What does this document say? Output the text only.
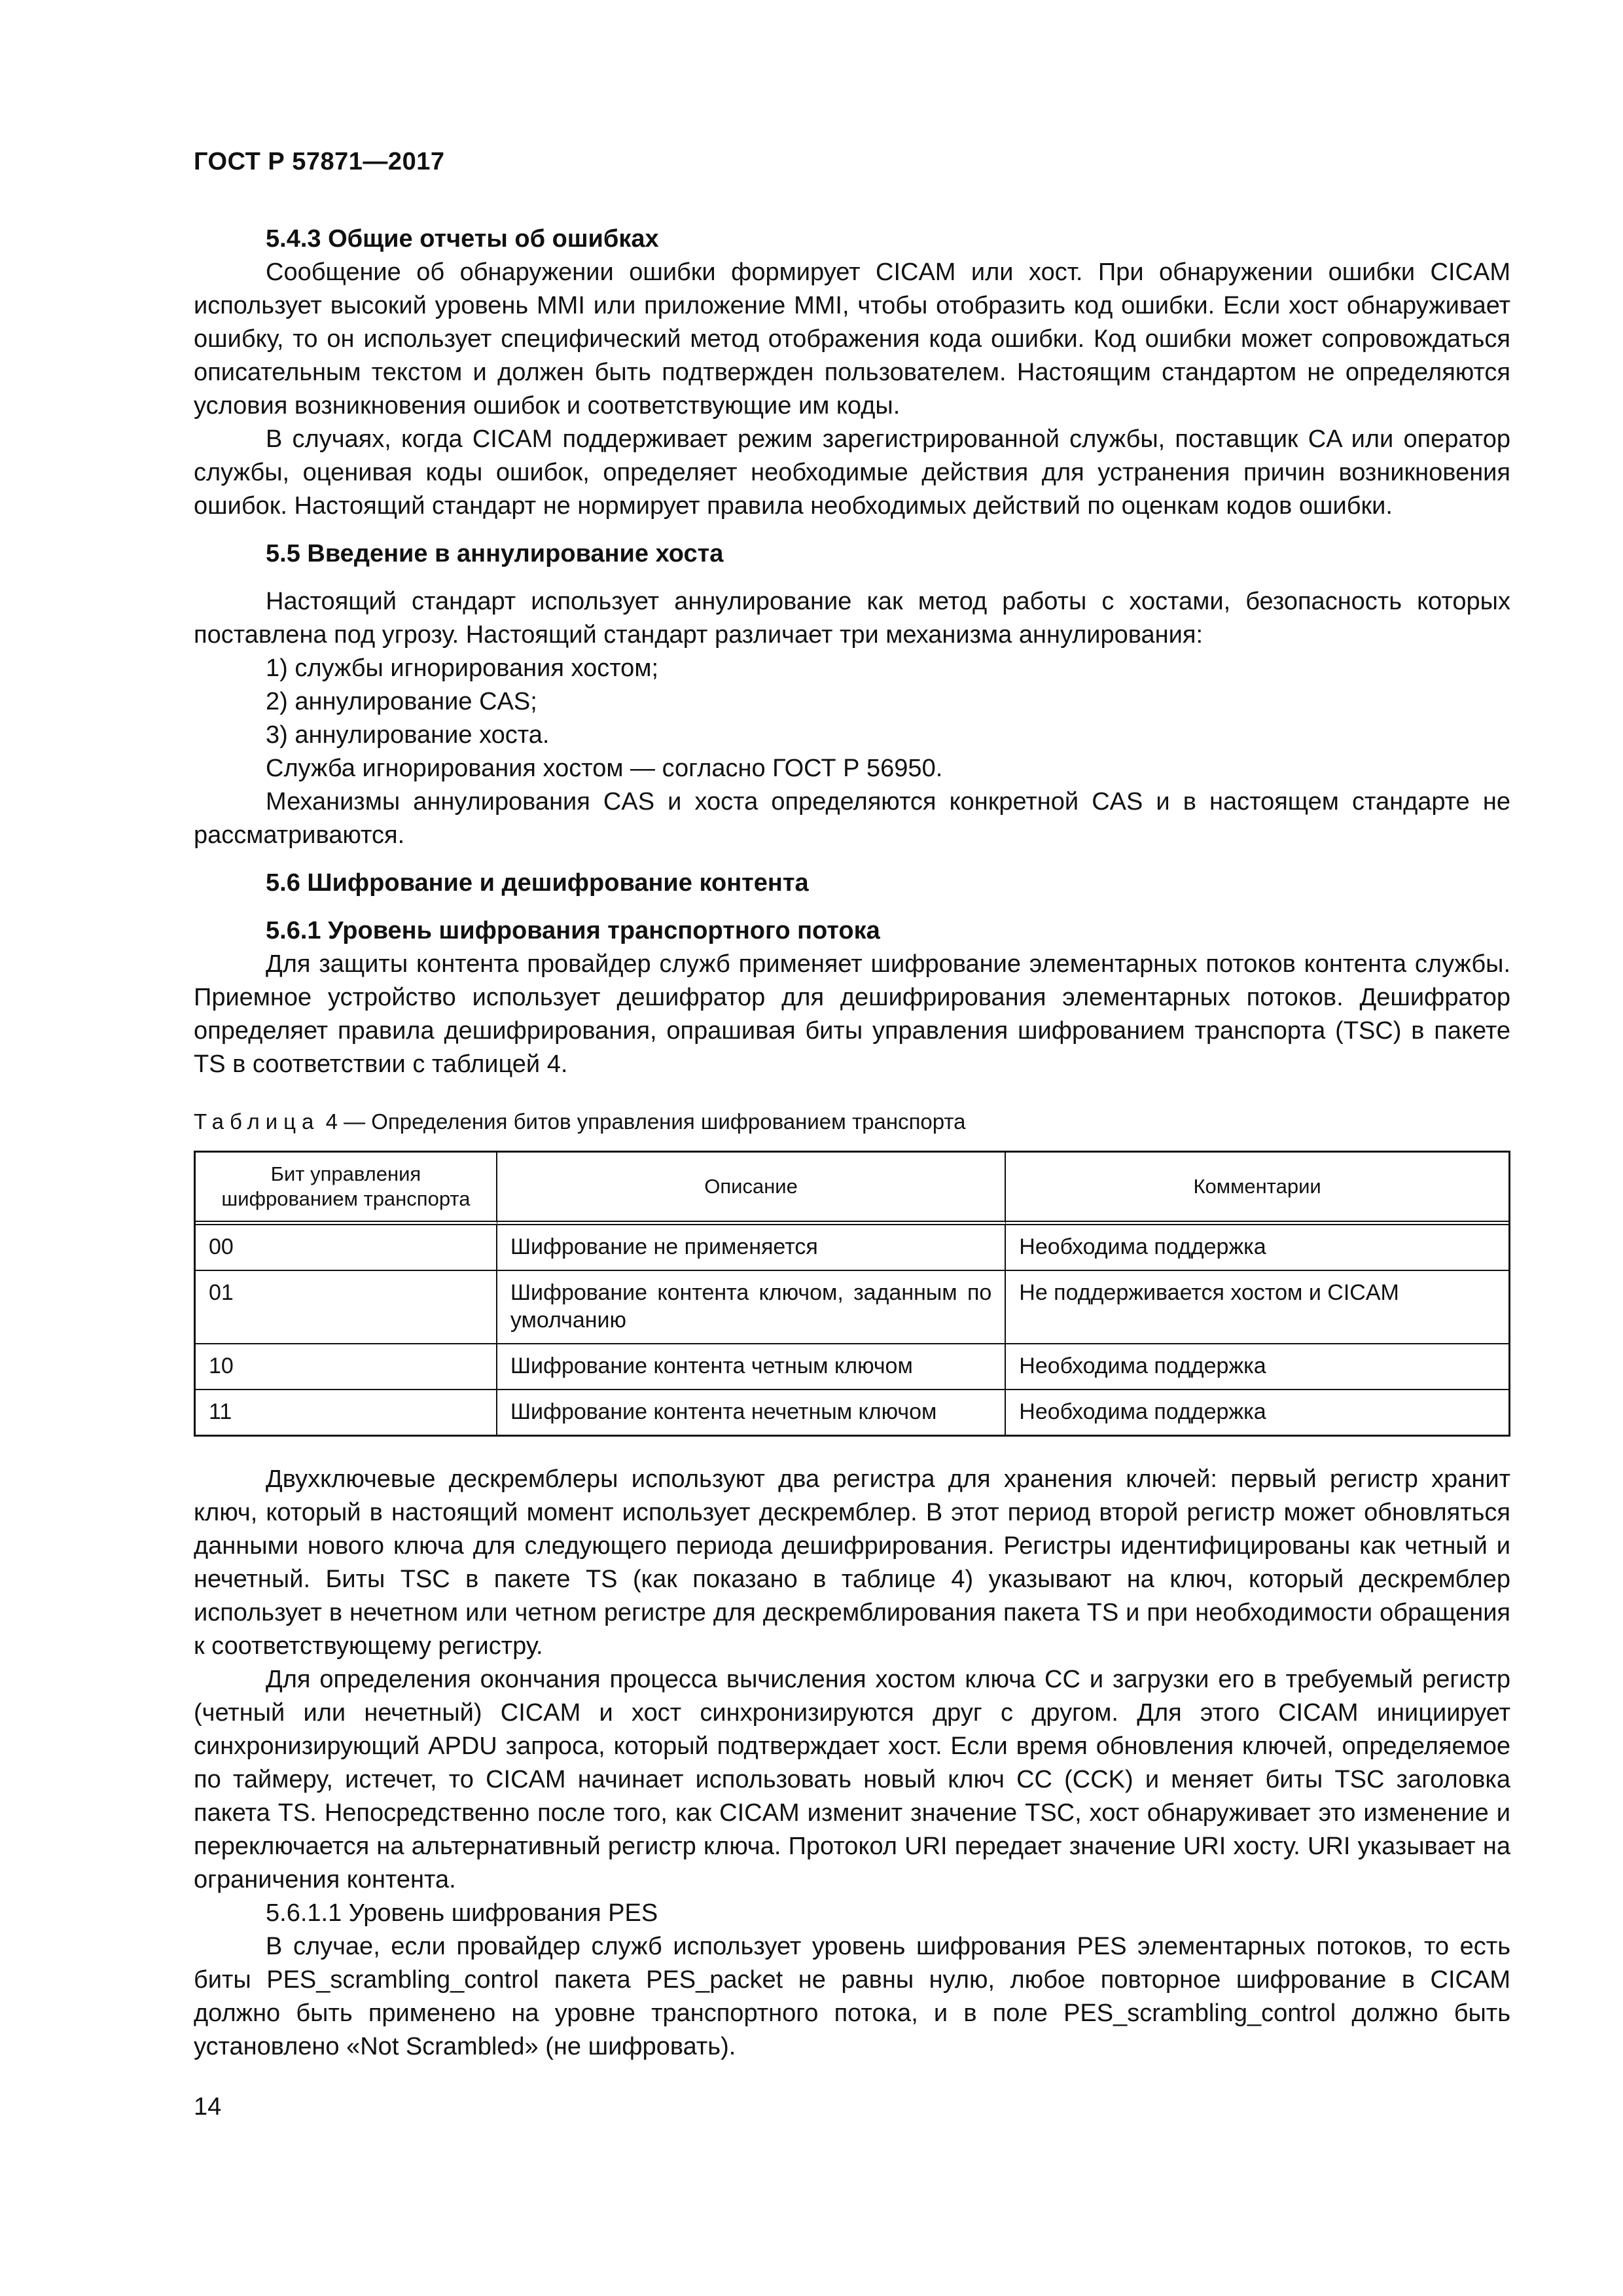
ГОСТ Р 57871—2017
5.4.3 Общие отчеты об ошибках

Сообщение об обнаружении ошибки формирует CICAM или хост. При обнаружении ошибки CICAM использует высокий уровень MMI или приложение MMI, чтобы отобразить код ошибки. Если хост обнаруживает ошибку, то он использует специфический метод отображения кода ошибки. Код ошибки может сопровождаться описательным текстом и должен быть подтвержден пользователем. Настоящим стандартом не определяются условия возникновения ошибок и соответствующие им коды.

В случаях, когда CICAM поддерживает режим зарегистрированной службы, поставщик CA или оператор службы, оценивая коды ошибок, определяет необходимые действия для устранения причин возникновения ошибок. Настоящий стандарт не нормирует правила необходимых действий по оценкам кодов ошибки.

5.5 Введение в аннулирование хоста

Настоящий стандарт использует аннулирование как метод работы с хостами, безопасность которых поставлена под угрозу. Настоящий стандарт различает три механизма аннулирования:

1) службы игнорирования хостом;
2) аннулирование CAS;
3) аннулирование хоста.

Служба игнорирования хостом — согласно ГОСТ Р 56950.

Механизмы аннулирования CAS и хоста определяются конкретной CAS и в настоящем стандарте не рассматриваются.

5.6 Шифрование и дешифрование контента
5.6.1 Уровень шифрования транспортного потока

Для защиты контента провайдер служб применяет шифрование элементарных потоков контента службы. Приемное устройство использует дешифратор для дешифрирования элементарных потоков. Дешифратор определяет правила дешифрирования, опрашивая биты управления шифрованием транспорта (TSC) в пакете TS в соответствии с таблицей 4.

Таблица 4 — Определения битов управления шифрованием транспорта

Бит управления шифрованием транспорта	Описание	Комментарии
00	Шифрование не применяется	Необходима поддержка
01	Шифрование контента ключом, заданным по умолчанию	Не поддерживается хостом и CICAM
10	Шифрование контента четным ключом	Необходима поддержка
11	Шифрование контента нечетным ключом	Необходима поддержка

Двухключевые дескремблеры используют два регистра для хранения ключей: первый регистр хранит ключ, который в настоящий момент использует дескремблер. В этот период второй регистр может обновляться данными нового ключа для следующего периода дешифрирования. Регистры идентифицированы как четный и нечетный. Биты TSC в пакете TS (как показано в таблице 4) указывают на ключ, который дескремблер использует в нечетном или четном регистре для дескремблирования пакета TS и при необходимости обращения к соответствующему регистру.

Для определения окончания процесса вычисления хостом ключа CC и загрузки его в требуемый регистр (четный или нечетный) CICAM и хост синхронизируются друг с другом. Для этого CICAM инициирует синхронизирующий APDU запроса, который подтверждает хост. Если время обновления ключей, определяемое по таймеру, истечет, то CICAM начинает использовать новый ключ CC (CCK) и меняет биты TSC заголовка пакета TS. Непосредственно после того, как CICAM изменит значение TSC, хост обнаруживает это изменение и переключается на альтернативный регистр ключа. Протокол URI передает значение URI хосту. URI указывает на ограничения контента.

5.6.1.1 Уровень шифрования PES

В случае, если провайдер служб использует уровень шифрования PES элементарных потоков, то есть биты PES_scrambling_control пакета PES_packet не равны нулю, любое повторное шифрование в CICAM должно быть применено на уровне транспортного потока, и в поле PES_scrambling_control должно быть установлено «Not Scrambled» (не шифровать).

14
